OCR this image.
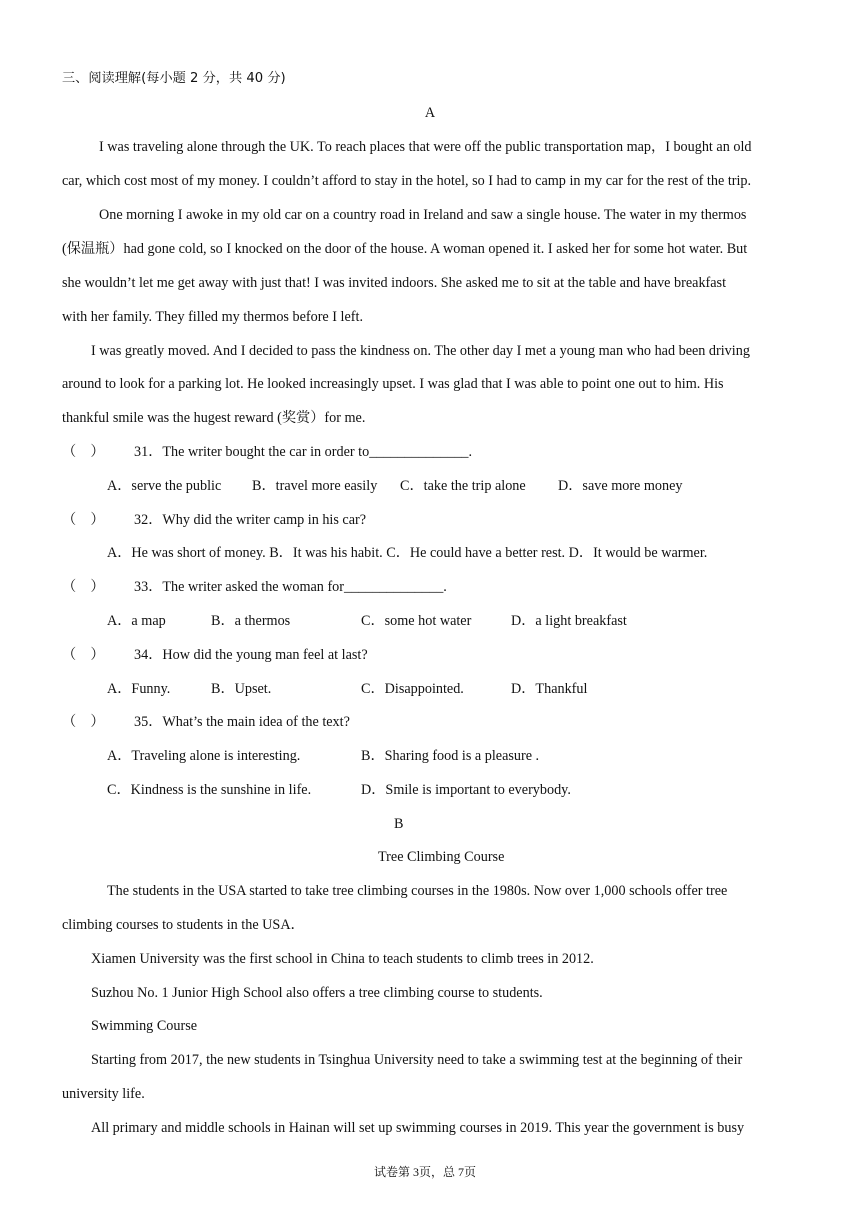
三、阅读理解(每小题 2 分，共 40 分)
A
I was traveling alone through the UK. To reach places that were off the public transportation map，I bought an old
car, which cost most of my money. I couldn’t afford to stay in the hotel, so I had to camp in my car for the rest of the trip.
One morning I awoke in my old car on a country road in Ireland and saw a single house. The water in my thermos
(保温瓶）had gone cold, so I knocked on the door of the house. A woman opened it. I asked her for some hot water. But
she wouldn’t let me get away with just that! I was invited indoors. She asked me to sit at the table and have breakfast
with her family. They filled my thermos before I left.
I was greatly moved. And I decided to pass the kindness on. The other day I met a young man who had been driving
around to look for a parking lot. He looked increasingly upset. I was glad that I was able to point one out to him. His
thankful smile was the hugest reward (奖赏）for me.
（　） 31．The writer bought the car in order to______________.
A．serve the public B．travel more easily C．take the trip alone D．save more money
（　） 32．Why did the writer camp in his car?
A．He was short of money. B．It was his habit. C．He could have a better rest. D．It would be warmer.
（　） 33．The writer asked the woman for______________.
A．a map	B．a thermos	C．some hot water	D．a light breakfast
（　） 34．How did the young man feel at last?
A．Funny.	B．Upset.	C．Disappointed.	D．Thankful
（　） 35．What’s the main idea of the text?
A．Traveling alone is interesting.	B．Sharing food is a pleasure .
C．Kindness is the sunshine in life.	D．Smile is important to everybody.
B
Tree Climbing Course
The students in the USA started to take tree climbing courses in the 1980s. Now over 1,000 schools offer tree
climbing courses to students in the USA．
Xiamen University was the first school in China to teach students to climb trees in 2012.
Suzhou No. 1 Junior High School also offers a tree climbing course to students.
Swimming Course
Starting from 2017, the new students in Tsinghua University need to take a swimming test at the beginning of their
university life.
All primary and middle schools in Hainan will set up swimming courses in 2019. This year the government is busy
试卷第 3页，总 7页
